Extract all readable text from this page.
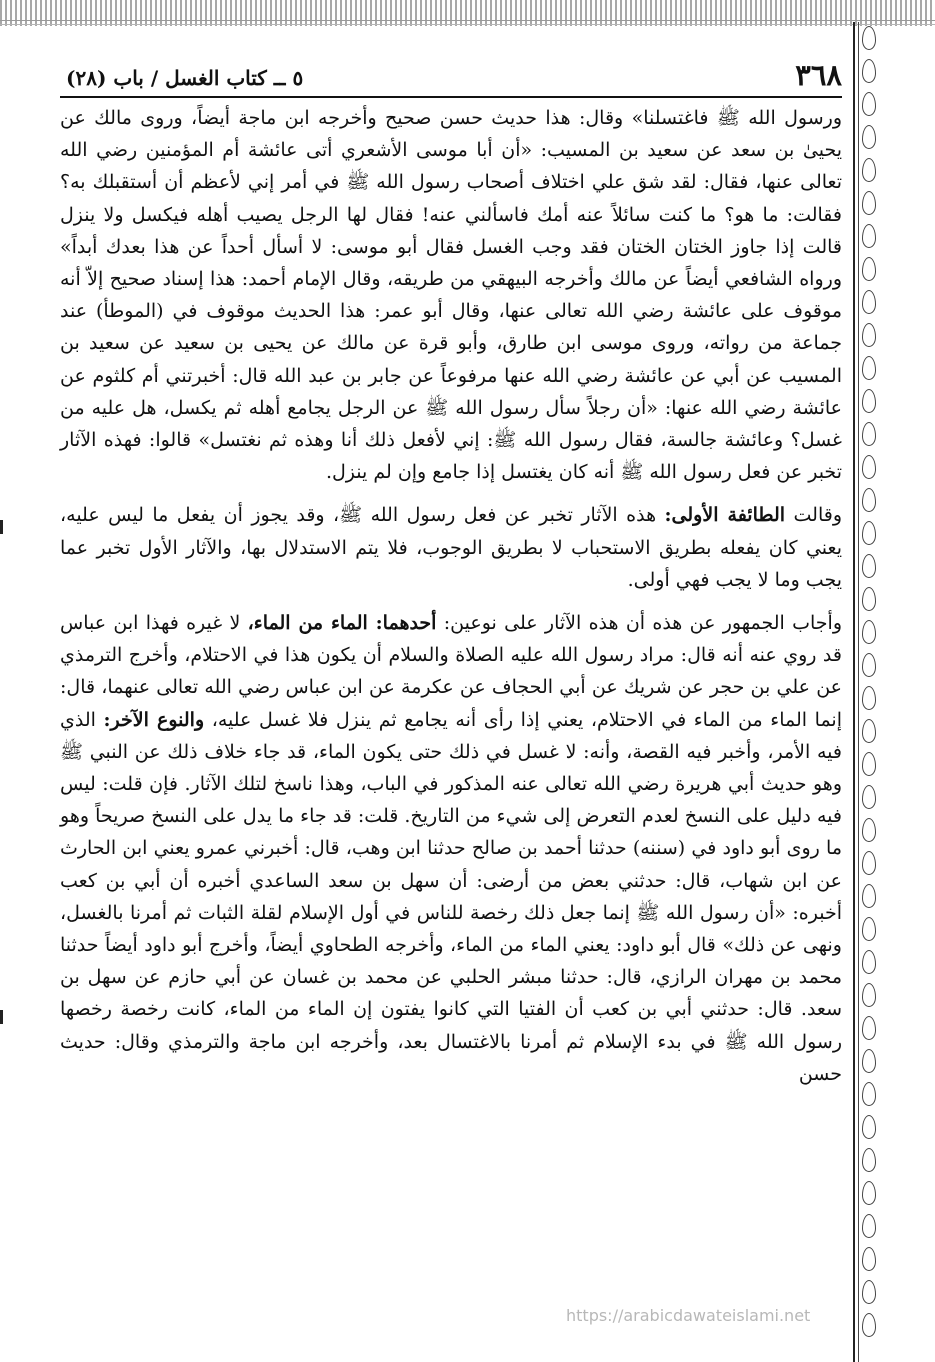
٣٦٨
٥ ــ كتاب الغسل / باب (٢٨)

ورسول الله ﷺ فاغتسلنا» وقال: هذا حديث حسن صحيح وأخرجه ابن ماجة أيضاً، وروى مالك عن يحيىٰ بن سعد عن سعيد بن المسيب: «أن أبا موسى الأشعري أتى عائشة أم المؤمنين رضي الله تعالى عنها، فقال: لقد شق علي اختلاف أصحاب رسول الله ﷺ في أمر إني لأعظم أن أستقبلك به؟ فقالت: ما هو؟ ما كنت سائلاً عنه أمك فاسألني عنه! فقال لها الرجل يصيب أهله فيكسل ولا ينزل قالت إذا جاوز الختان الختان فقد وجب الغسل فقال أبو موسى: لا أسأل أحداً عن هذا بعدك أبداً» ورواه الشافعي أيضاً عن مالك وأخرجه البيهقي من طريقه، وقال الإمام أحمد: هذا إسناد صحيح إلاّ أنه موقوف على عائشة رضي الله تعالى عنها، وقال أبو عمر: هذا الحديث موقوف في (الموطأ) عند جماعة من رواته، وروى موسى ابن طارق، وأبو قرة عن مالك عن يحيى بن سعيد عن سعيد بن المسيب عن أبي عن عائشة رضي الله عنها مرفوعاً عن جابر بن عبد الله قال: أخبرتني أم كلثوم عن عائشة رضي الله عنها: «أن رجلاً سأل رسول الله ﷺ عن الرجل يجامع أهله ثم يكسل، هل عليه من غسل؟ وعائشة جالسة، فقال رسول الله ﷺ: إني لأفعل ذلك أنا وهذه ثم نغتسل» قالوا: فهذه الآثار تخبر عن فعل رسول الله ﷺ أنه كان يغتسل إذا جامع وإن لم ينزل.

وقالت الطائفة الأولى: هذه الآثار تخبر عن فعل رسول الله ﷺ، وقد يجوز أن يفعل ما ليس عليه، يعني كان يفعله بطريق الاستحباب لا بطريق الوجوب، فلا يتم الاستدلال بها، والآثار الأول تخبر عما يجب وما لا يجب فهي أولى.

وأجاب الجمهور عن هذه أن هذه الآثار على نوعين: أحدهما: الماء من الماء، لا غيره فهذا ابن عباس قد روي عنه أنه قال: مراد رسول الله عليه الصلاة والسلام أن يكون هذا في الاحتلام، وأخرج الترمذي عن علي بن حجر عن شريك عن أبي الحجاف عن عكرمة عن ابن عباس رضي الله تعالى عنهما، قال: إنما الماء من الماء في الاحتلام، يعني إذا رأى أنه يجامع ثم ينزل فلا غسل عليه، والنوع الآخر: الذي فيه الأمر، وأخبر فيه القصة، وأنه: لا غسل في ذلك حتى يكون الماء، قد جاء خلاف ذلك عن النبي ﷺ وهو حديث أبي هريرة رضي الله تعالى عنه المذكور في الباب، وهذا ناسخ لتلك الآثار. فإن قلت: ليس فيه دليل على النسخ لعدم التعرض إلى شيء من التاريخ. قلت: قد جاء ما يدل على النسخ صريحاً وهو ما روى أبو داود في (سننه) حدثنا أحمد بن صالح حدثنا ابن وهب، قال: أخبرني عمرو يعني ابن الحارث عن ابن شهاب، قال: حدثني بعض من أرضى: أن سهل بن سعد الساعدي أخبره أن أبي بن كعب أخبره: «أن رسول الله ﷺ إنما جعل ذلك رخصة للناس في أول الإسلام لقلة الثبات ثم أمرنا بالغسل، ونهى عن ذلك» قال أبو داود: يعني الماء من الماء، وأخرجه الطحاوي أيضاً، وأخرج أبو داود أيضاً حدثنا محمد بن مهران الرازي، قال: حدثنا مبشر الحلبي عن محمد بن غسان عن أبي حازم عن سهل بن سعد. قال: حدثني أبي بن كعب أن الفتيا التي كانوا يفتون إن الماء من الماء، كانت رخصة رخصها رسول الله ﷺ في بدء الإسلام ثم أمرنا بالاغتسال بعد، وأخرجه ابن ماجة والترمذي وقال: حديث حسن

https://arabicdawateislami.net
